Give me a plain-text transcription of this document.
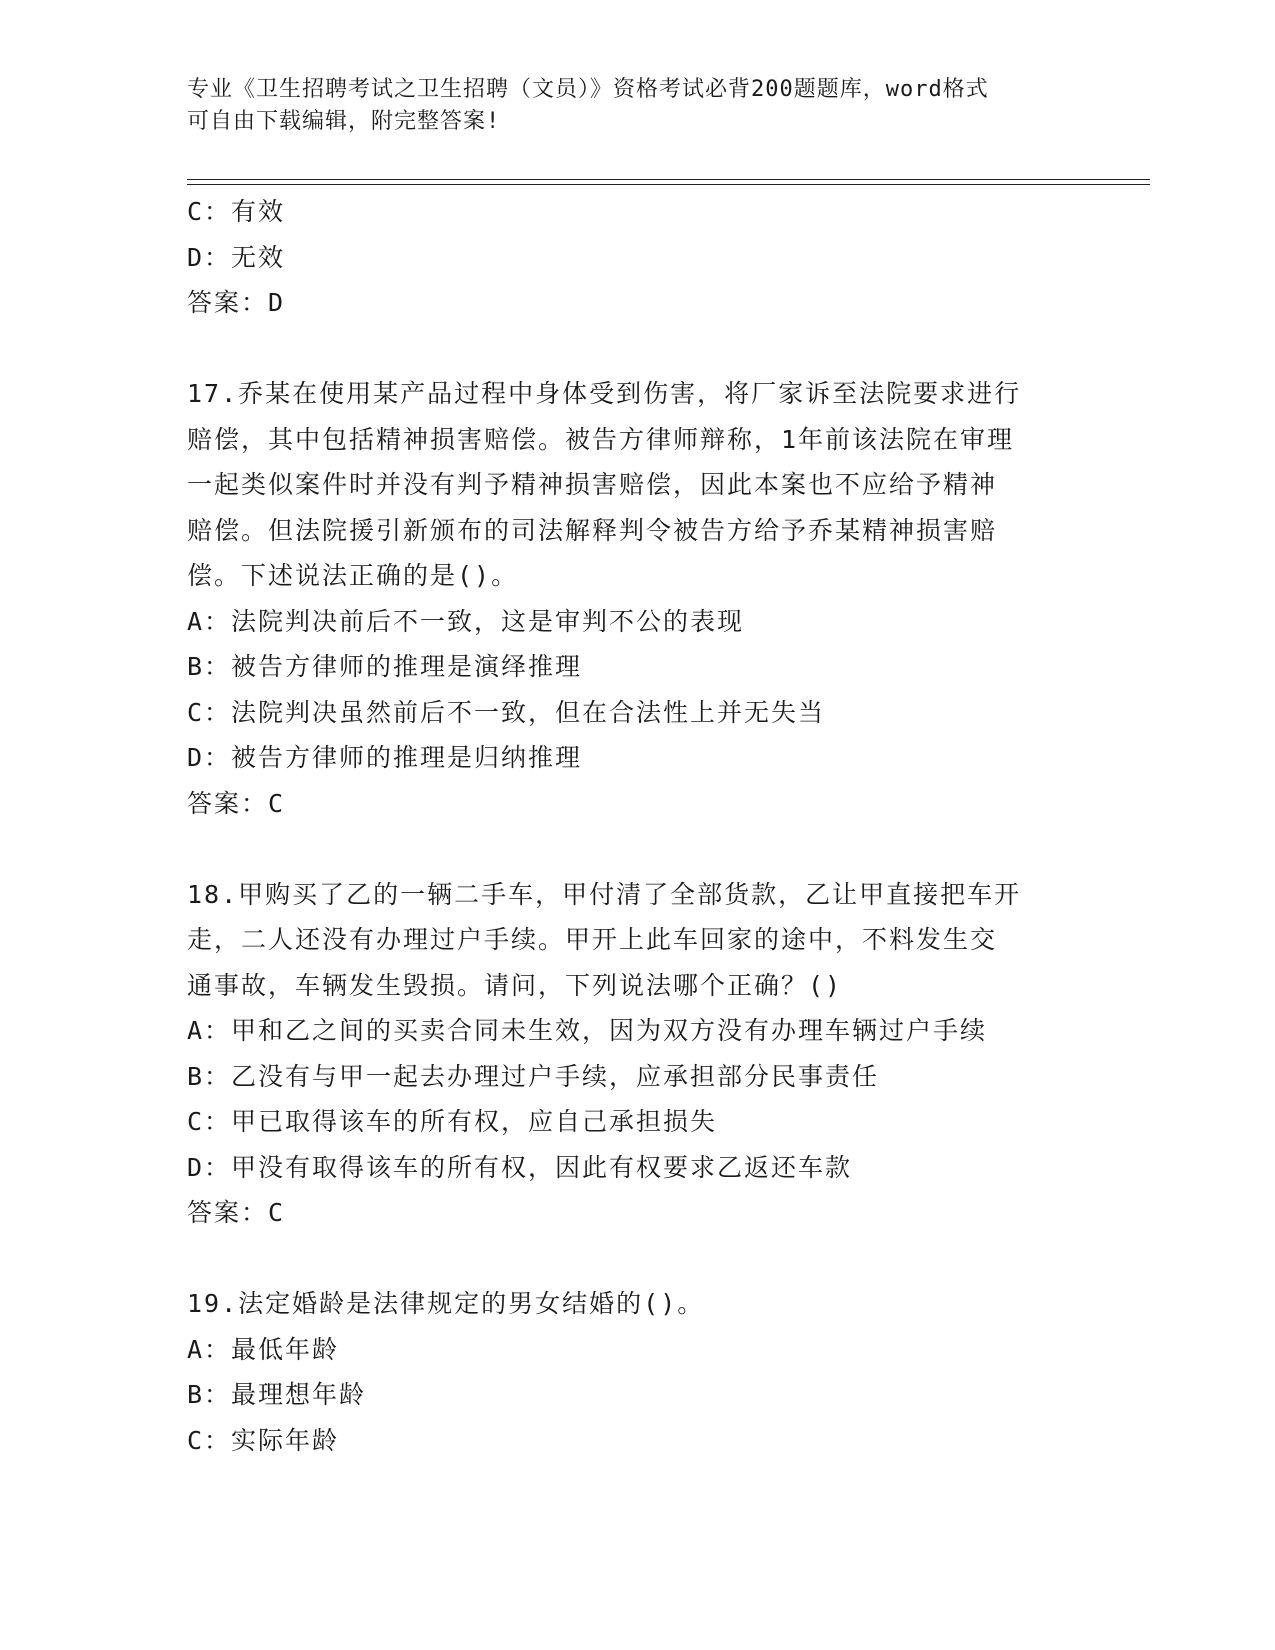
专业《卫生招聘考试之卫生招聘（文员）》资格考试必背200题题库，word格式
可自由下载编辑，附完整答案!
C：有效
D：无效
答案：D
17.乔某在使用某产品过程中身体受到伤害，将厂家诉至法院要求进行
赔偿，其中包括精神损害赔偿。被告方律师辩称，1年前该法院在审理
一起类似案件时并没有判予精神损害赔偿，因此本案也不应给予精神
赔偿。但法院援引新颁布的司法解释判令被告方给予乔某精神损害赔
偿。下述说法正确的是()。
A：法院判决前后不一致，这是审判不公的表现
B：被告方律师的推理是演绎推理
C：法院判决虽然前后不一致，但在合法性上并无失当
D：被告方律师的推理是归纳推理
答案：C
18.甲购买了乙的一辆二手车，甲付清了全部货款，乙让甲直接把车开
走，二人还没有办理过户手续。甲开上此车回家的途中，不料发生交
通事故，车辆发生毁损。请问，下列说法哪个正确？()
A：甲和乙之间的买卖合同未生效，因为双方没有办理车辆过户手续
B：乙没有与甲一起去办理过户手续，应承担部分民事责任
C：甲已取得该车的所有权，应自己承担损失
D：甲没有取得该车的所有权，因此有权要求乙返还车款
答案：C
19.法定婚龄是法律规定的男女结婚的()。
A：最低年龄
B：最理想年龄
C：实际年龄
